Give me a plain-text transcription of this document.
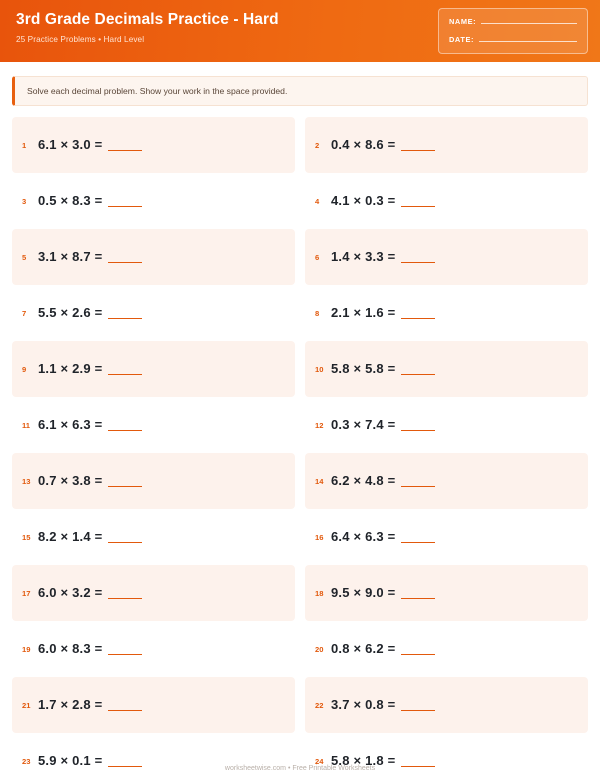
3rd Grade Decimals Practice - Hard
25 Practice Problems • Hard Level
NAME:
DATE:
Solve each decimal problem. Show your work in the space provided.
1 6.1 × 3.0 =	2 0.4 × 8.6 =
3 0.5 × 8.3 =	4 4.1 × 0.3 =
5 3.1 × 8.7 =	6 1.4 × 3.3 =
7 5.5 × 2.6 =	8 2.1 × 1.6 =
9 1.1 × 2.9 =	10 5.8 × 5.8 =
11 6.1 × 6.3 =	12 0.3 × 7.4 =
13 0.7 × 3.8 =	14 6.2 × 4.8 =
15 8.2 × 1.4 =	16 6.4 × 6.3 =
17 6.0 × 3.2 =	18 9.5 × 9.0 =
19 6.0 × 8.3 =	20 0.8 × 6.2 =
21 1.7 × 2.8 =	22 3.7 × 0.8 =
23 5.9 × 0.1 =	24 5.8 × 1.8 =
worksheetwise.com • Free Printable Worksheets
